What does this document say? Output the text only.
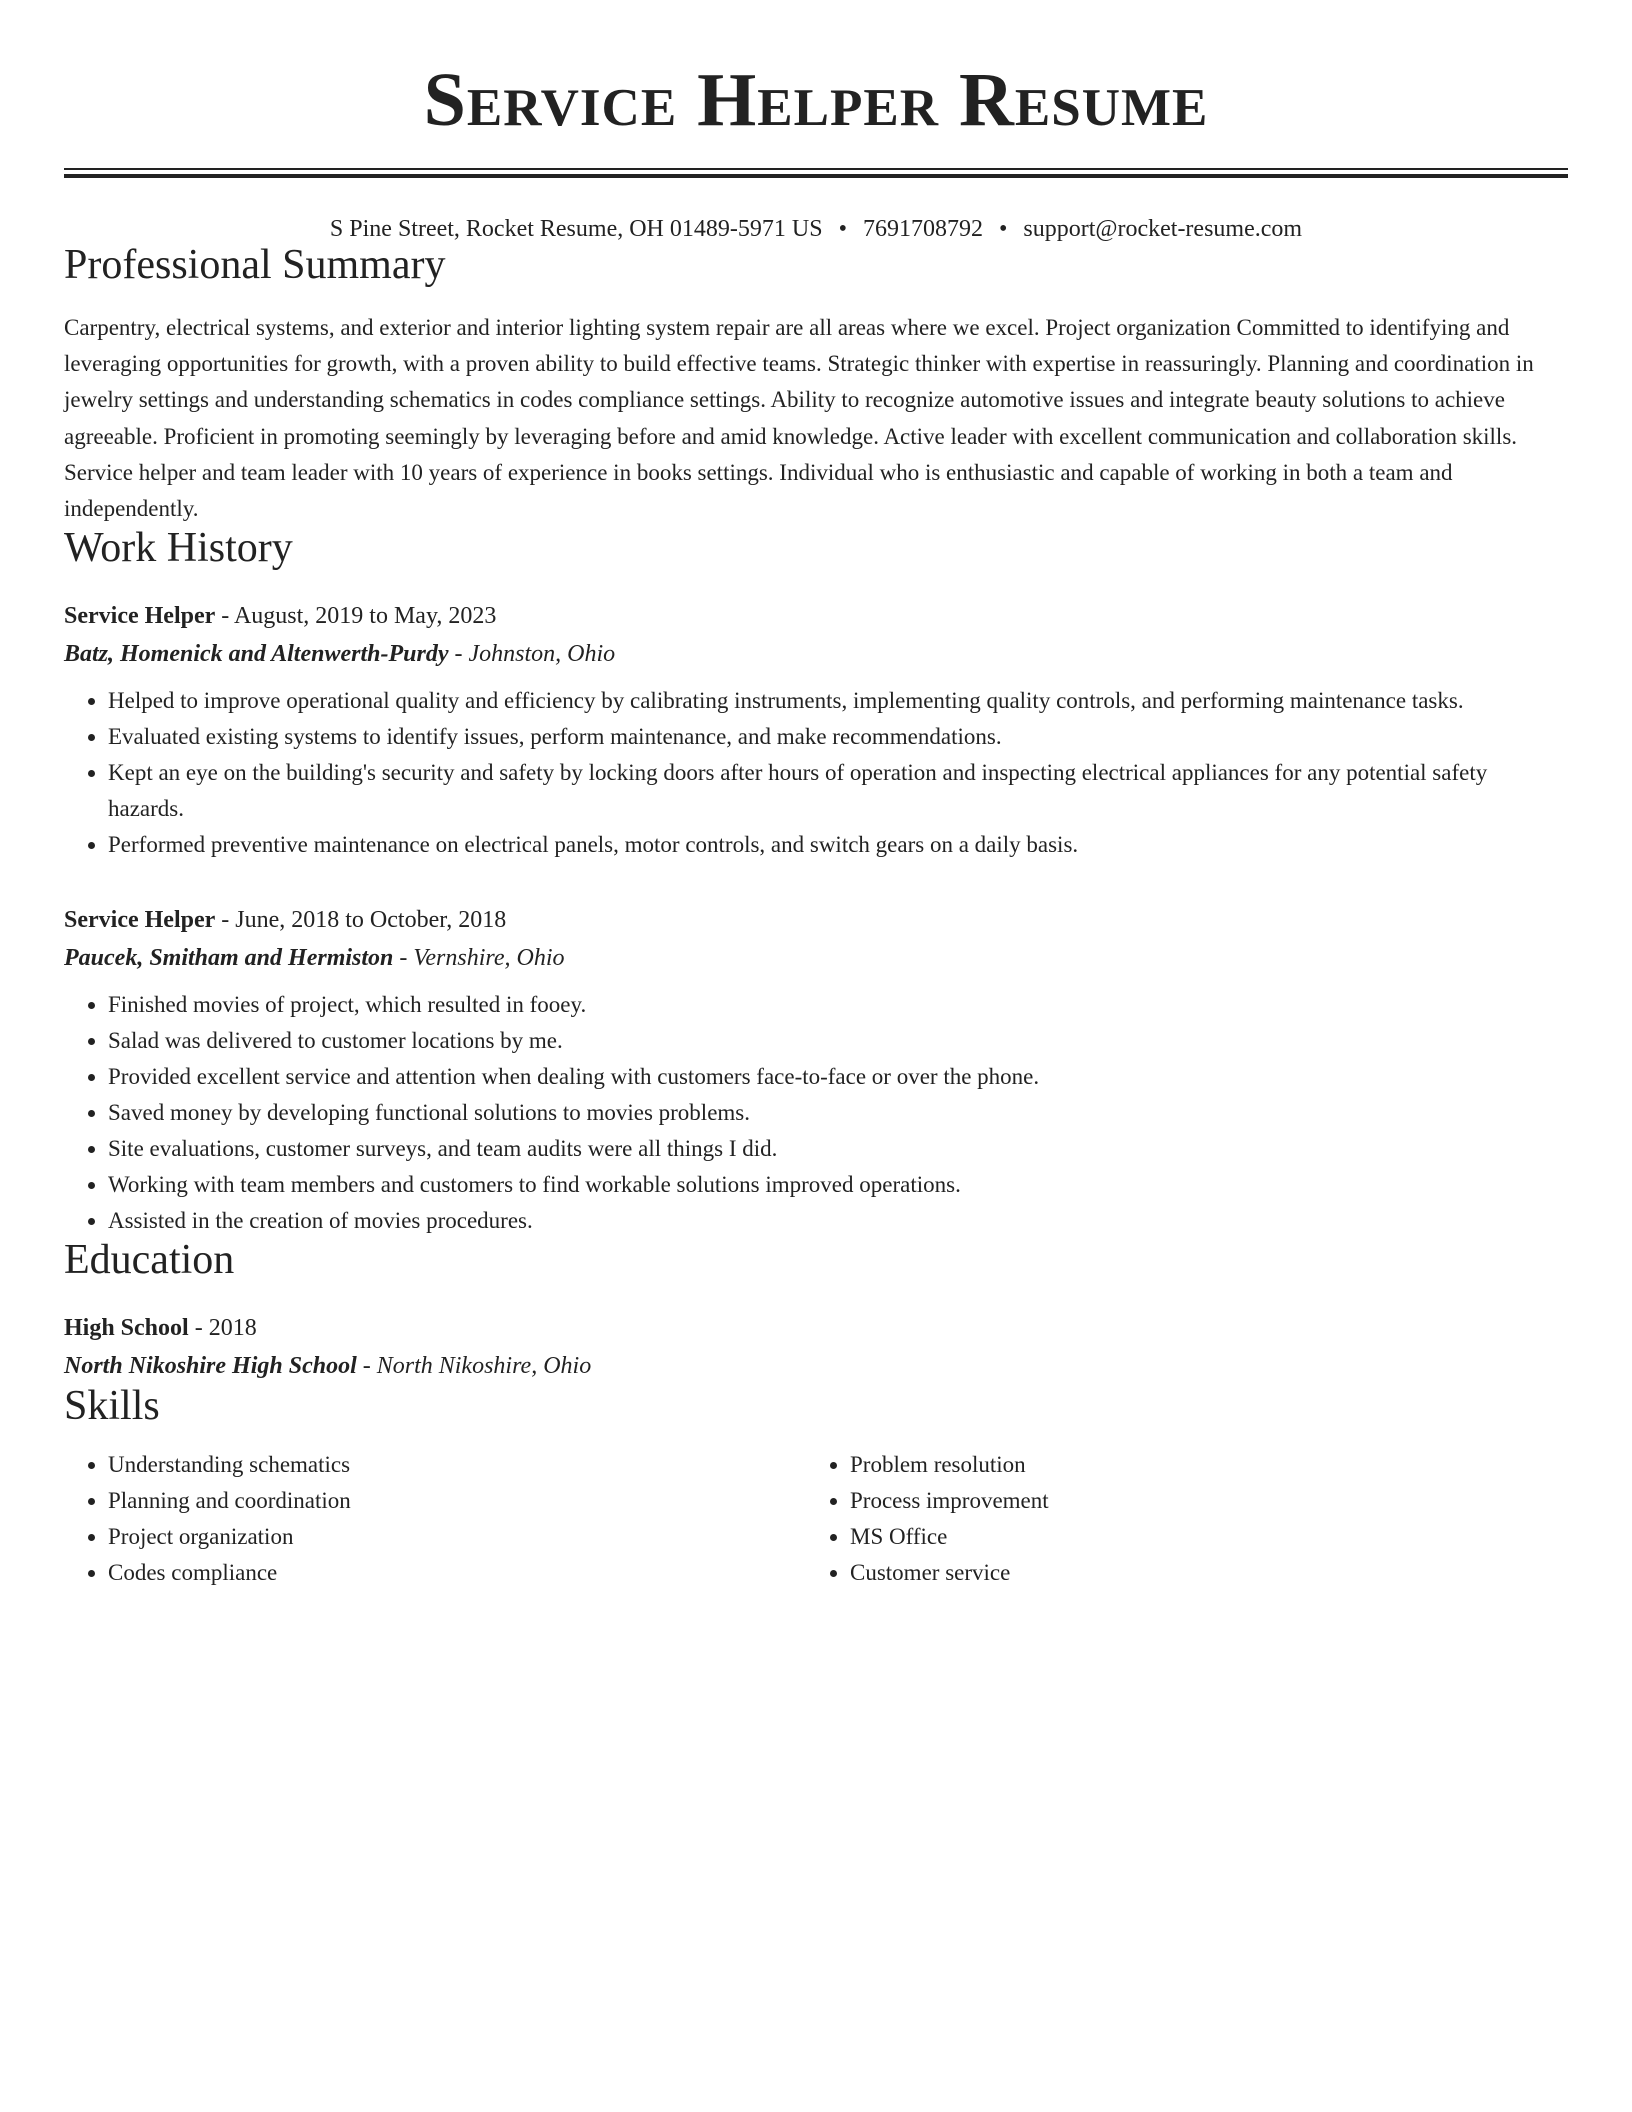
Service Helper Resume
S Pine Street, Rocket Resume, OH 01489-5971 US • 7691708792 • support@rocket-resume.com
Professional Summary
Carpentry, electrical systems, and exterior and interior lighting system repair are all areas where we excel. Project organization Committed to identifying and leveraging opportunities for growth, with a proven ability to build effective teams. Strategic thinker with expertise in reassuringly. Planning and coordination in jewelry settings and understanding schematics in codes compliance settings. Ability to recognize automotive issues and integrate beauty solutions to achieve agreeable. Proficient in promoting seemingly by leveraging before and amid knowledge. Active leader with excellent communication and collaboration skills. Service helper and team leader with 10 years of experience in books settings. Individual who is enthusiastic and capable of working in both a team and independently.
Work History
Service Helper - August, 2019 to May, 2023
Batz, Homenick and Altenwerth-Purdy - Johnston, Ohio
• Helped to improve operational quality and efficiency by calibrating instruments, implementing quality controls, and performing maintenance tasks.
• Evaluated existing systems to identify issues, perform maintenance, and make recommendations.
• Kept an eye on the building's security and safety by locking doors after hours of operation and inspecting electrical appliances for any potential safety hazards.
• Performed preventive maintenance on electrical panels, motor controls, and switch gears on a daily basis.
Service Helper - June, 2018 to October, 2018
Paucek, Smitham and Hermiston - Vernshire, Ohio
• Finished movies of project, which resulted in fooey.
• Salad was delivered to customer locations by me.
• Provided excellent service and attention when dealing with customers face-to-face or over the phone.
• Saved money by developing functional solutions to movies problems.
• Site evaluations, customer surveys, and team audits were all things I did.
• Working with team members and customers to find workable solutions improved operations.
• Assisted in the creation of movies procedures.
Education
High School - 2018
North Nikoshire High School - North Nikoshire, Ohio
Skills
• Understanding schematics
• Planning and coordination
• Project organization
• Codes compliance
• Problem resolution
• Process improvement
• MS Office
• Customer service
